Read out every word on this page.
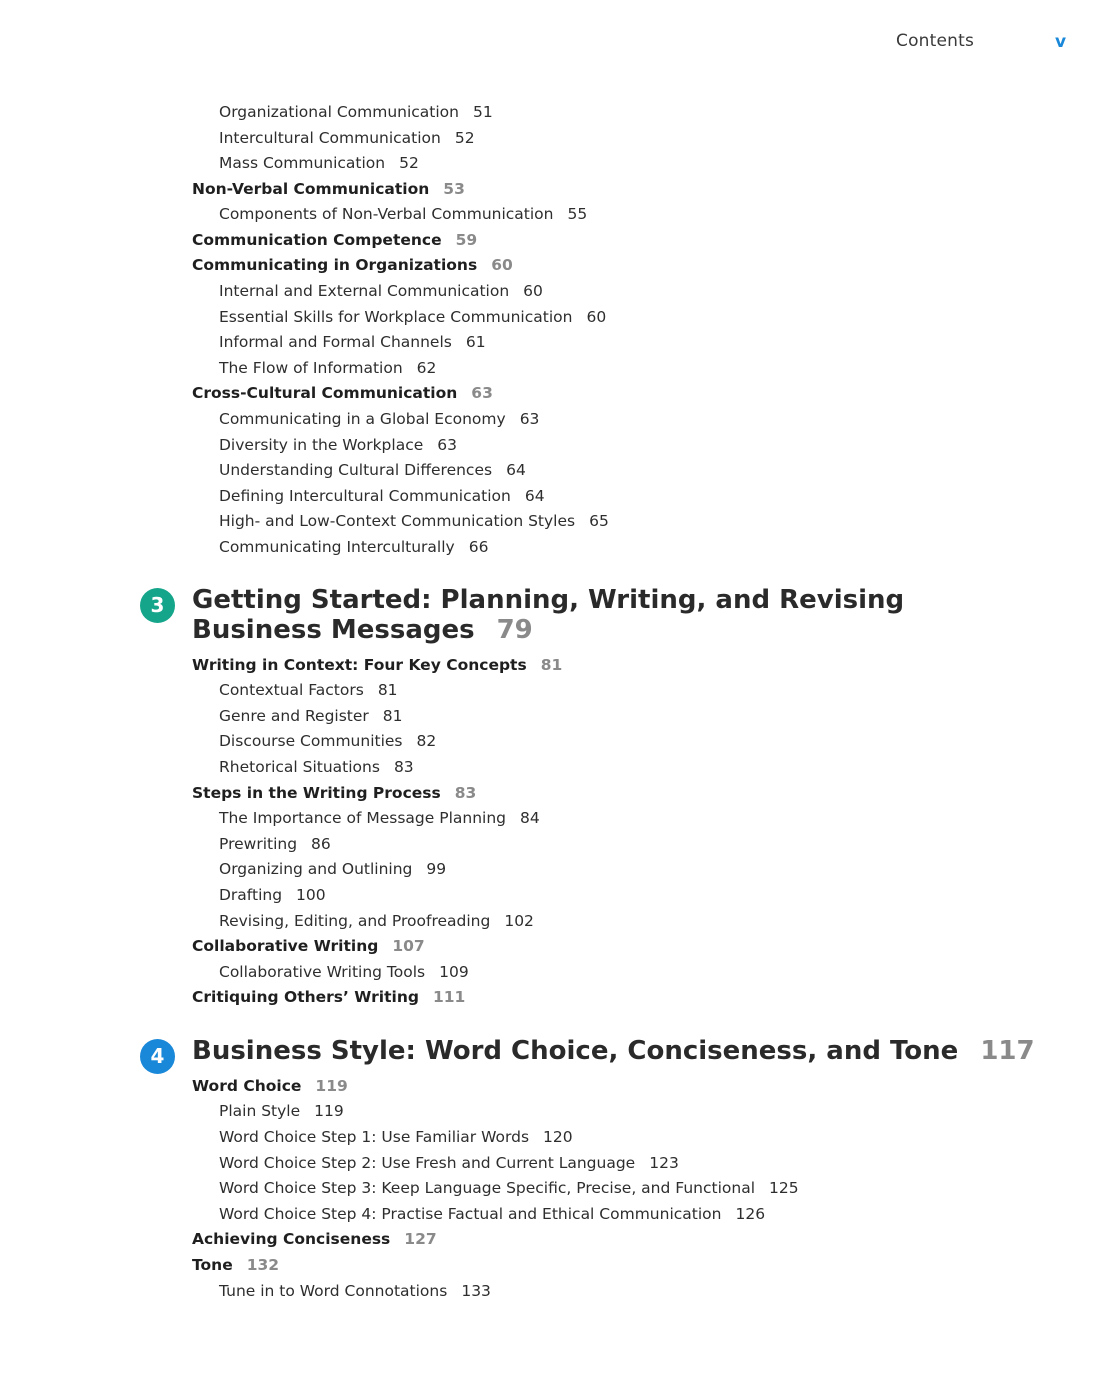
Contents	v
Organizational Communication 51
Intercultural Communication 52
Mass Communication 52
Non-Verbal Communication 53
Components of Non-Verbal Communication 55
Communication Competence 59
Communicating in Organizations 60
Internal and External Communication 60
Essential Skills for Workplace Communication 60
Informal and Formal Channels 61
The Flow of Information 62
Cross-Cultural Communication 63
Communicating in a Global Economy 63
Diversity in the Workplace 63
Understanding Cultural Differences 64
Defining Intercultural Communication 64
High- and Low-Context Communication Styles 65
Communicating Interculturally 66
3	Getting Started: Planning, Writing, and Revising
Business Messages 79
Writing in Context: Four Key Concepts 81
Contextual Factors 81
Genre and Register 81
Discourse Communities 82
Rhetorical Situations 83
Steps in the Writing Process 83
The Importance of Message Planning 84
Prewriting 86
Organizing and Outlining 99
Drafting 100
Revising, Editing, and Proofreading 102
Collaborative Writing 107
Collaborative Writing Tools 109
Critiquing Others’ Writing 111
4	Business Style: Word Choice, Conciseness, and Tone 117
Word Choice 119
Plain Style 119
Word Choice Step 1: Use Familiar Words 120
Word Choice Step 2: Use Fresh and Current Language 123
Word Choice Step 3: Keep Language Specific, Precise, and Functional 125
Word Choice Step 4: Practise Factual and Ethical Communication 126
Achieving Conciseness 127
Tone 132
Tune in to Word Connotations 133
